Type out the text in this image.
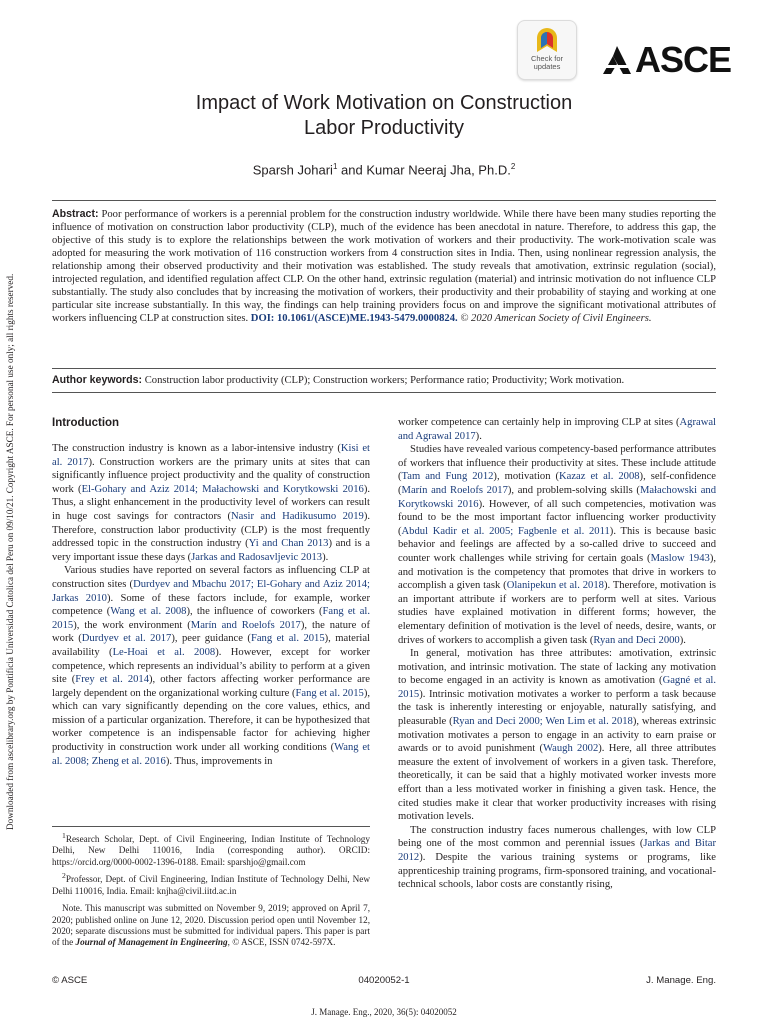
Downloaded from ascelibrary.org by Pontificia Universidad Catolica del Peru on 09/10/21. Copyright ASCE. For personal use only; all rights reserved.
Check for
updates	ASCE
Impact of Work Motivation on Construction
Labor Productivity
Sparsh Johari$^1$ and Kumar Neeraj Jha, Ph.D.$^2$

Abstract: Poor performance of workers is a perennial problem for the construction industry worldwide. While there have been many studies reporting the influence of motivation on construction labor productivity (CLP), much of the evidence has been anecdotal in nature. Therefore, to address this gap, the objective of this study is to explore the relationships between the work motivation of workers and their productivity. The work-motivation scale was adopted for measuring the work motivation of 116 construction workers from 4 construction sites in India. Then, using nonlinear regression analysis, the relationship among their observed productivity and their motivation was established. The study reveals that amotivation, extrinsic regulation (social), introjected regulation, and identified regulation affect CLP. On the other hand, extrinsic regulation (material) and intrinsic motivation do not influence CLP substantially. The study also concludes that by increasing the motivation of workers, their productivity and their probability of staying and working at one particular site increase substantially. In this way, the findings can help training providers focus on and improve the significant motivational attributes of workers influencing CLP at construction sites. DOI: 10.1061/(ASCE)ME.1943-5479.0000824. © 2020 American Society of Civil Engineers.

Author keywords: Construction labor productivity (CLP); Construction workers; Performance ratio; Productivity; Work motivation.

Introduction

The construction industry is known as a labor-intensive industry (Kisi et al. 2017). Construction workers are the primary units at sites that can significantly influence project productivity and the quality of construction work (El-Gohary and Aziz 2014; Małachowski and Korytkowski 2016). Thus, a slight enhancement in the productivity level of workers can result in huge cost savings for contractors (Nasir and Hadikusumo 2019). Therefore, construction labor productivity (CLP) is the most frequently addressed topic in the construction industry (Yi and Chan 2013) and is a very important issue these days (Jarkas and Radosavljevic 2013).

Various studies have reported on several factors as influencing CLP at construction sites (Durdyev and Mbachu 2017; El-Gohary and Aziz 2014; Jarkas 2010). Some of these factors include, for example, worker competence (Wang et al. 2008), the influence of coworkers (Fang et al. 2015), the work environment (Marín and Roelofs 2017), the nature of work (Durdyev et al. 2017), peer guidance (Fang et al. 2015), material availability (Le-Hoai et al. 2008). However, except for worker competence, which represents an individual’s ability to perform at a given site (Frey et al. 2014), other factors affecting worker performance are largely dependent on the organizational working culture (Fang et al. 2015), which can vary significantly depending on the core values, ethics, and mission of a particular organization. Therefore, it can be hypothesized that worker competence is an indispensable factor for achieving higher productivity in construction work under all working conditions (Wang et al. 2008; Zheng et al. 2016). Thus, improvements in

worker competence can certainly help in improving CLP at sites (Agrawal and Agrawal 2017).

Studies have revealed various competency-based performance attributes of workers that influence their productivity at sites. These include attitude (Tam and Fung 2012), motivation (Kazaz et al. 2008), self-confidence (Marín and Roelofs 2017), and problem-solving skills (Małachowski and Korytkowski 2016). However, of all such competencies, motivation was found to be the most important factor influencing worker productivity (Abdul Kadir et al. 2005; Fagbenle et al. 2011). This is because basic behavior and feelings are affected by a so-called drive to succeed and counter work challenges while striving for certain goals (Maslow 1943), and motivation is the competency that promotes that drive in workers to accomplish a given task (Olanipekun et al. 2018). Therefore, motivation is an important attribute if workers are to perform well at sites. Various studies have explained motivation in different forms; however, the elementary definition of motivation is the level of needs, desire, wants, or drives of workers to accomplish a given task (Ryan and Deci 2000).

In general, motivation has three attributes: amotivation, extrinsic motivation, and intrinsic motivation. The state of lacking any motivation to become engaged in an activity is known as amotivation (Gagné et al. 2015). Intrinsic motivation motivates a worker to perform a task because the task is inherently interesting or enjoyable, naturally satisfying, and pleasurable (Ryan and Deci 2000; Wen Lim et al. 2018), whereas extrinsic motivation motivates a person to engage in an activity to earn praise or awards or to avoid punishment (Waugh 2002). Here, all three attributes measure the extent of involvement of workers in a given task. Therefore, theoretically, it can be said that a highly motivated worker invests more effort than a less motivated worker in finishing a given task. Hence, the cited studies make it clear that worker productivity increases with rising motivation levels.

The construction industry faces numerous challenges, with low CLP being one of the most common and perennial issues (Jarkas and Bitar 2012). Despite the various training systems or programs, like apprenticeship training programs, firm-sponsored training, and vocational-technical schools, labor costs are constantly rising,

$^1$Research Scholar, Dept. of Civil Engineering, Indian Institute of Technology Delhi, New Delhi 110016, India (corresponding author). ORCID: https://orcid.org/0000-0002-1396-0188. Email: sparshjo@gmail.com

$^2$Professor, Dept. of Civil Engineering, Indian Institute of Technology Delhi, New Delhi 110016, India. Email: knjha@civil.iitd.ac.in

Note. This manuscript was submitted on November 9, 2019; approved on April 7, 2020; published online on June 12, 2020. Discussion period open until November 12, 2020; separate discussions must be submitted for individual papers. This paper is part of the Journal of Management in Engineering, © ASCE, ISSN 0742-597X.

© ASCE	04020052-1	J. Manage. Eng.
J. Manage. Eng., 2020, 36(5): 04020052
